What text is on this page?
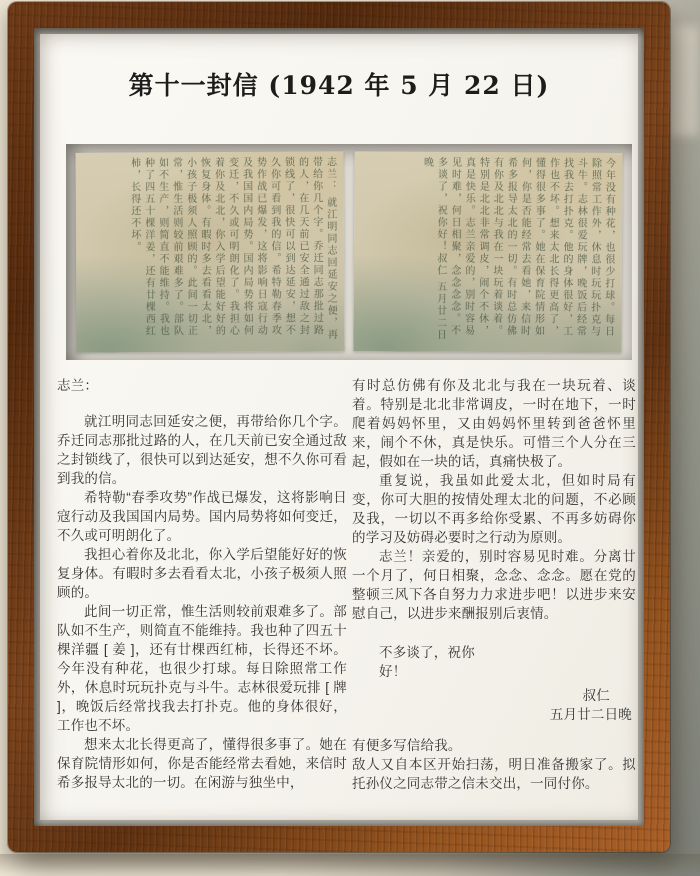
第十一封信 (1942 年 5 月 22 日)
志兰： 就江明同志回延安之便，再带给你几个字。乔迁同志那批过路的人，在几天前已安全通过敌之封锁线了，很快可以到达延安，想不久你可看到我的信。希特勒春季攻势作战已爆发，这将影响日寇行动及我国国内局势。国内局势将如何变迁，不久或可明朗化了。我担心着你及北北，你入学后望能好好的恢复身体。有暇时多去看看太北，小孩子极须人照顾的。此间一切正常，惟生活则较前艰难多了。部队如不生产，则简直不能维持。我也种了四五十棵洋姜，还有廿棵西红柿，长得还不坏。	今年没有种花，也很少打球。每日除照常工作外，休息时玩玩扑克与斗牛。志林很爱玩牌，晚饭后经常找我去打扑克。他的身体很好，工作也不坏。想来太北长得更高了，懂得很多事了。她在保育院情形如何，你是否能经常去看她，来信时希多报导太北的一切。有时总仿佛有你及北北与我在一块玩着谈着。特别是北北非常调皮，闹个不休，真是快乐。志兰亲爱的，别时容易见时难，何日相聚，念念念念。不多谈了，祝你好！叔仁 五月廿二日晚

志兰：

就江明同志回延安之便，再带给你几个字。乔迁同志那批过路的人，在几天前已安全通过敌之封锁线了，很快可以到达延安，想不久你可看到我的信。

希特勒“春季攻势”作战已爆发，这将影响日寇行动及我国国内局势。国内局势将如何变迁，不久或可明朗化了。

我担心着你及北北，你入学后望能好好的恢复身体。有暇时多去看看太北，小孩子极须人照顾的。

此间一切正常，惟生活则较前艰难多了。部队如不生产，则简直不能维持。我也种了四五十棵洋疆 [ 姜 ]，还有廿棵西红柿，长得还不坏。今年没有种花，也很少打球。每日除照常工作外，休息时玩玩扑克与斗牛。志林很爱玩排 [ 牌 ]，晚饭后经常找我去打扑克。他的身体很好，工作也不坏。

想来太北长得更高了，懂得很多事了。她在保育院情形如何，你是否能经常去看她，来信时希多报导太北的一切。在闲游与独坐中，

有时总仿佛有你及北北与我在一块玩着、谈着。特别是北北非常调皮，一时在地下，一时爬着妈妈怀里，又由妈妈怀里转到爸爸怀里来，闹个不休，真是快乐。可惜三个人分在三起，假如在一块的话，真痛快极了。

重复说，我虽如此爱太北，但如时局有变，你可大胆的按情处理太北的问题，不必顾及我，一切以不再多给你受累、不再多妨碍你的学习及妨碍必要时之行动为原则。

志兰！亲爱的，别时容易见时难。分离廿一个月了，何日相聚，念念、念念。愿在党的整顿三风下各自努力力求进步吧！以进步来安慰自己，以进步来酬报别后衷情。

不多谈了，祝你

好！

叔仁

五月廿二日晚

有便多写信给我。

敌人又自本区开始扫荡，明日准备搬家了。拟托孙仪之同志带之信未交出，一同付你。
